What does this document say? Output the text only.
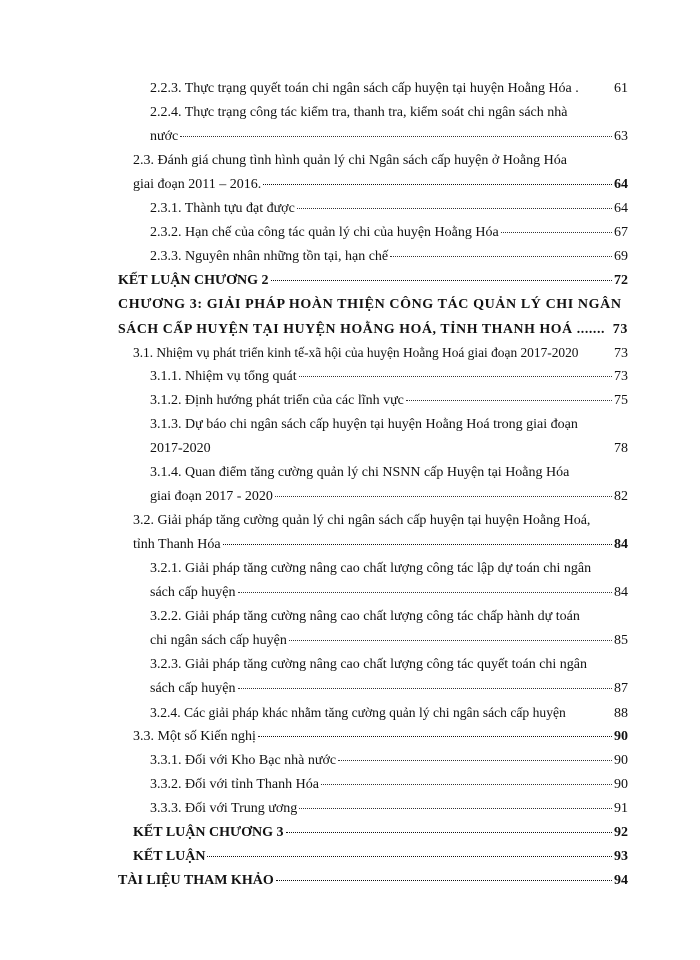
2.2.3. Thực trạng quyết toán chi ngân sách cấp huyện tại huyện Hoằng Hóa .	61
2.2.4. Thực trạng công tác kiểm tra, thanh tra, kiểm soát chi ngân sách nhà
nước	63
2.3. Đánh giá chung tình hình quản lý chi Ngân sách cấp huyện ở Hoằng Hóa
giai đoạn 2011 – 2016.	64
2.3.1. Thành tựu đạt được	64
2.3.2. Hạn chế của công tác quản lý chi của huyện Hoằng Hóa	67
2.3.3. Nguyên nhân những tồn tại, hạn chế	69
KẾT LUẬN CHƯƠNG 2	72
CHƯƠNG 3: GIẢI PHÁP HOÀN THIỆN CÔNG TÁC QUẢN LÝ CHI NGÂN
SÁCH CẤP HUYỆN TẠI HUYỆN HOẰNG HOÁ, TỈNH THANH HOÁ ....... 73
3.1. Nhiệm vụ phát triển kinh tế-xã hội của huyện Hoằng Hoá giai đoạn 2017-2020	73
3.1.1. Nhiệm vụ tổng quát	73
3.1.2. Định hướng phát triển của các lĩnh vực	75
3.1.3. Dự báo chi ngân sách cấp huyện tại huyện Hoằng Hoá trong giai đoạn
2017-2020	78
3.1.4. Quan điểm tăng cường quản lý chi NSNN cấp Huyện tại Hoằng Hóa
giai đoạn 2017 - 2020	82
3.2. Giải pháp tăng cường quản lý chi ngân sách cấp huyện tại huyện Hoằng Hoá,
tỉnh Thanh Hóa	84
3.2.1. Giải pháp tăng cường nâng cao chất lượng công tác lập dự toán chi ngân
sách cấp huyện	84
3.2.2. Giải pháp tăng cường nâng cao chất lượng công tác chấp hành dự toán
chi ngân sách cấp huyện	85
3.2.3. Giải pháp tăng cường nâng cao chất lượng công tác quyết toán chi ngân
sách cấp huyện	87
3.2.4. Các giải pháp khác nhằm tăng cường quản lý chi ngân sách cấp huyện	88
3.3. Một số Kiến nghị	90
3.3.1. Đối với Kho Bạc nhà nước	90
3.3.2. Đối với tỉnh Thanh Hóa	90
3.3.3. Đối với Trung ương	91
KẾT LUẬN CHƯƠNG 3	92
KẾT LUẬN	93
TÀI LIỆU THAM KHẢO	94
